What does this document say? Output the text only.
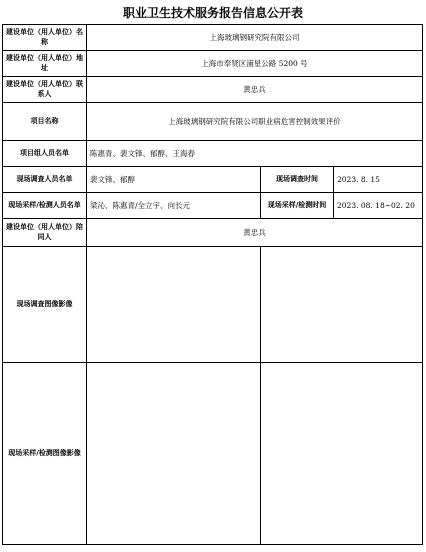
职业卫生技术服务报告信息公开表
建设单位（用人单位）名称	上海玻璃钢研究院有限公司		
建设单位（用人单位）地址	上海市奉贤区浦星公路 5200 号		
建设单位（用人单位）联系人	黄忠兵		
项目名称	上海玻璃钢研究院有限公司职业病危害控制效果评价		
项目组人员名单	陈惠青、裴文锋、郁醇、王海春		
现场调查人员名单	裴文锋、郁醇	现场调查时间	2023. 8. 15
现场采样/检测人员名单	梁沁、陈惠青/全立宇、向长元	现场采样/检测时间	2023. 08. 18~02. 20
建设单位（用人单位）陪同人	黄忠兵		
现场调查图像影像			
现场采样/检测图像影像			
